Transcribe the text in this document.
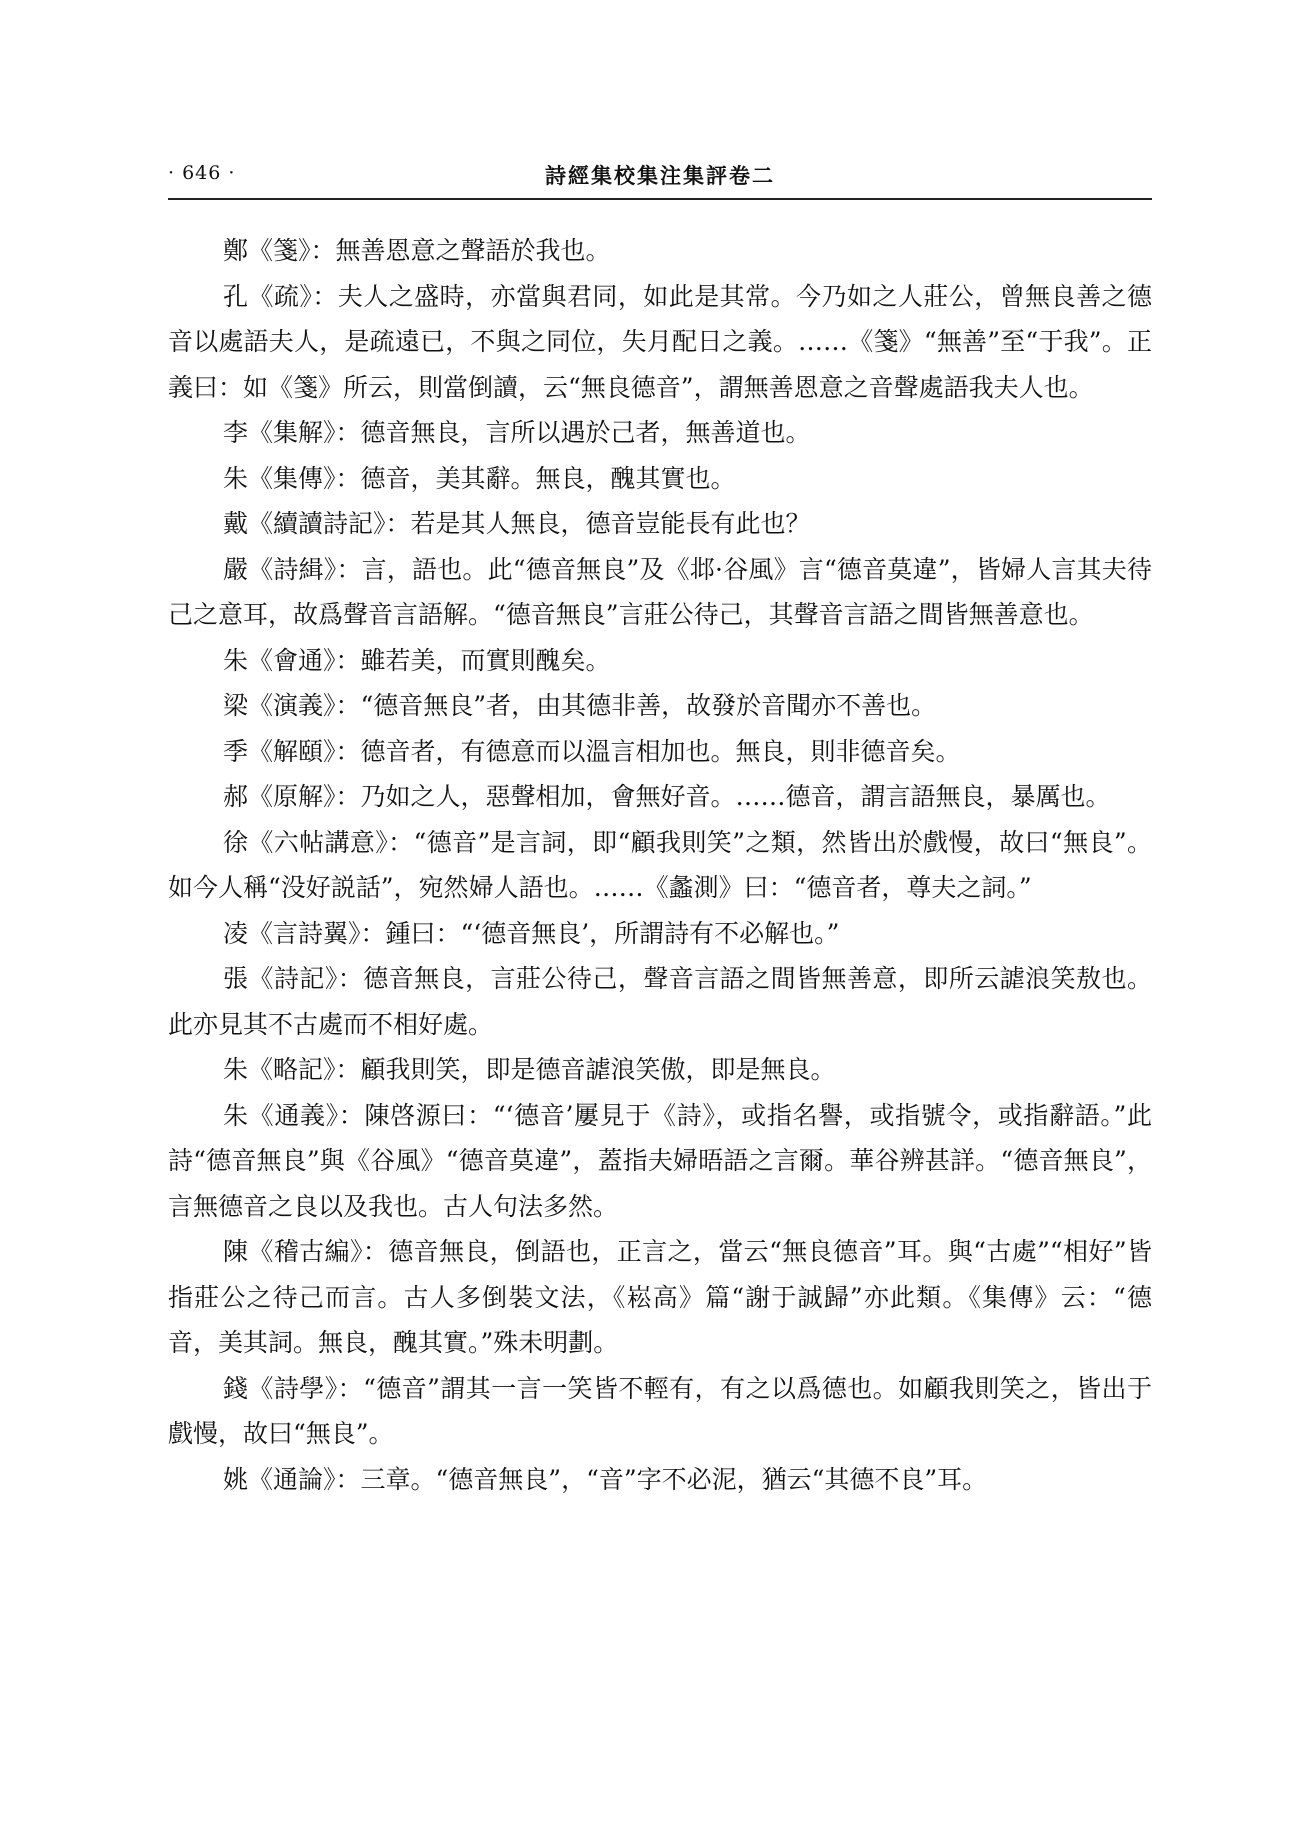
· 646 ·	詩經集校集注集評卷二

鄭《箋》：無善恩意之聲語於我也。

孔《疏》：夫人之盛時，亦當與君同，如此是其常。今乃如之人莊公，曾無良善之德音以處語夫人，是疏遠已，不與之同位，失月配日之義。……《箋》“無善”至“于我”。正義曰：如《箋》所云，則當倒讀，云“無良德音”，謂無善恩意之音聲處語我夫人也。

李《集解》：德音無良，言所以遇於己者，無善道也。

朱《集傳》：德音，美其辭。無良，醜其實也。

戴《續讀詩記》：若是其人無良，德音豈能長有此也？

嚴《詩緝》：言，語也。此“德音無良”及《邶·谷風》言“德音莫違”，皆婦人言其夫待己之意耳，故爲聲音言語解。“德音無良”言莊公待己，其聲音言語之間皆無善意也。

朱《會通》：雖若美，而實則醜矣。

梁《演義》：“德音無良”者，由其德非善，故發於音聞亦不善也。

季《解頤》：德音者，有德意而以溫言相加也。無良，則非德音矣。

郝《原解》：乃如之人，惡聲相加，會無好音。……德音，謂言語無良，暴厲也。

徐《六帖講意》：“德音”是言詞，即“顧我則笑”之類，然皆出於戲慢，故曰“無良”。如今人稱“没好説話”，宛然婦人語也。……《蠡測》曰：“德音者，尊夫之詞。”

凌《言詩翼》：鍾曰：“‘德音無良’，所謂詩有不必解也。”

張《詩記》：德音無良，言莊公待己，聲音言語之間皆無善意，即所云謔浪笑敖也。此亦見其不古處而不相好處。

朱《略記》：顧我則笑，即是德音謔浪笑傲，即是無良。

朱《通義》：陳啓源曰：“‘德音’屢見于《詩》，或指名譽，或指號令，或指辭語。”此詩“德音無良”與《谷風》“德音莫違”，蓋指夫婦晤語之言爾。華谷辨甚詳。“德音無良”，言無德音之良以及我也。古人句法多然。

陳《稽古編》：德音無良，倒語也，正言之，當云“無良德音”耳。與“古處”“相好”皆指莊公之待己而言。古人多倒裝文法，《崧高》篇“謝于誠歸”亦此類。《集傳》云：“德音，美其詞。無良，醜其實。”殊未明劃。

錢《詩學》：“德音”謂其一言一笑皆不輕有，有之以爲德也。如顧我則笑之，皆出于戲慢，故曰“無良”。

姚《通論》：三章。“德音無良”，“音”字不必泥，猶云“其德不良”耳。
